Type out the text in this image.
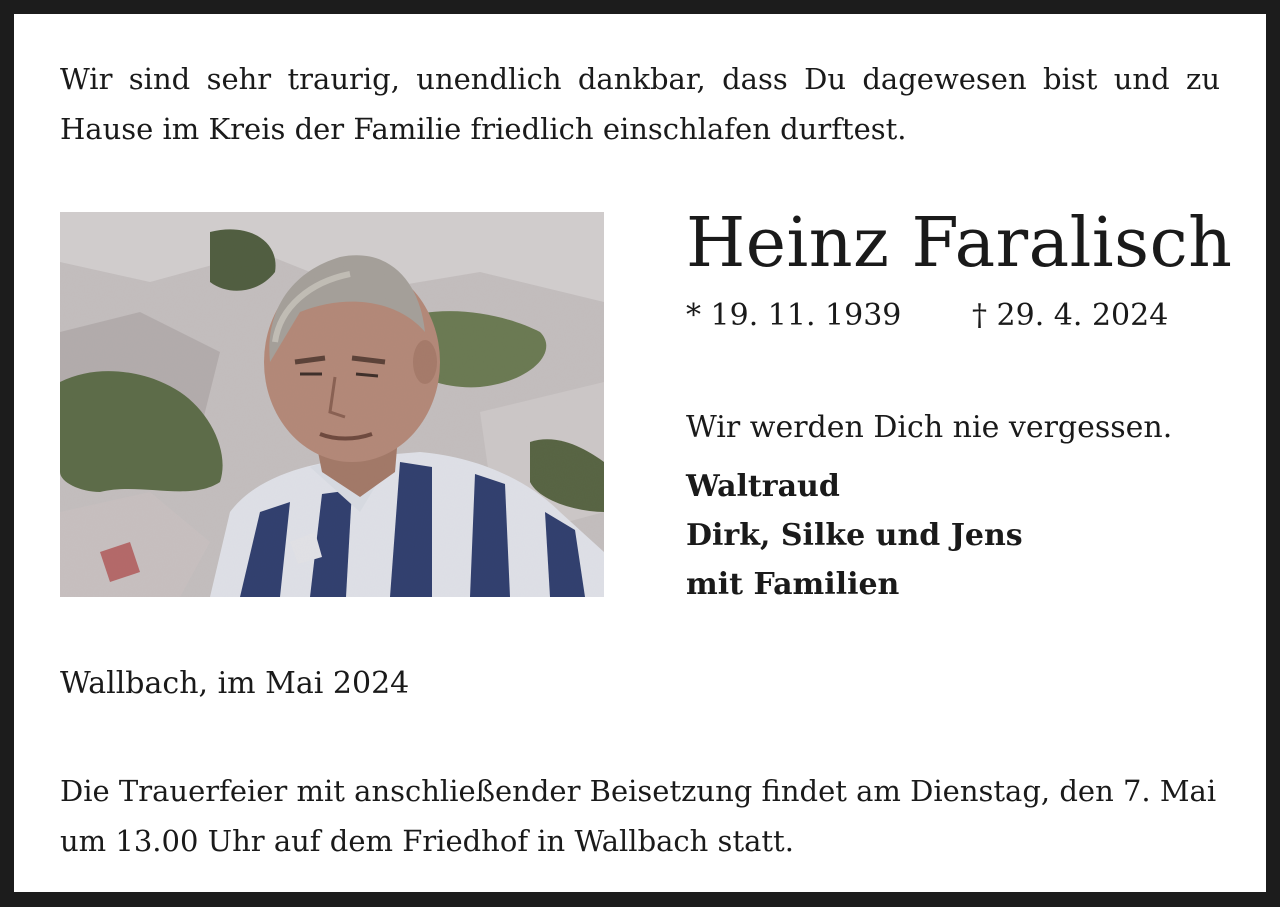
Wir sind sehr traurig, unendlich dankbar, dass Du dagewesen bist und zu Hause im Kreis der Familie friedlich einschlafen durftest.

Heinz Faralisch
* 19. 11. 1939 † 29. 4. 2024
Wir werden Dich nie vergessen.
Waltraud
Dirk, Silke und Jens
mit Familien
Wallbach, im Mai 2024

Die Trauerfeier mit anschließender Beisetzung findet am Dienstag, den 7. Mai um 13.00 Uhr auf dem Friedhof in Wallbach statt.
